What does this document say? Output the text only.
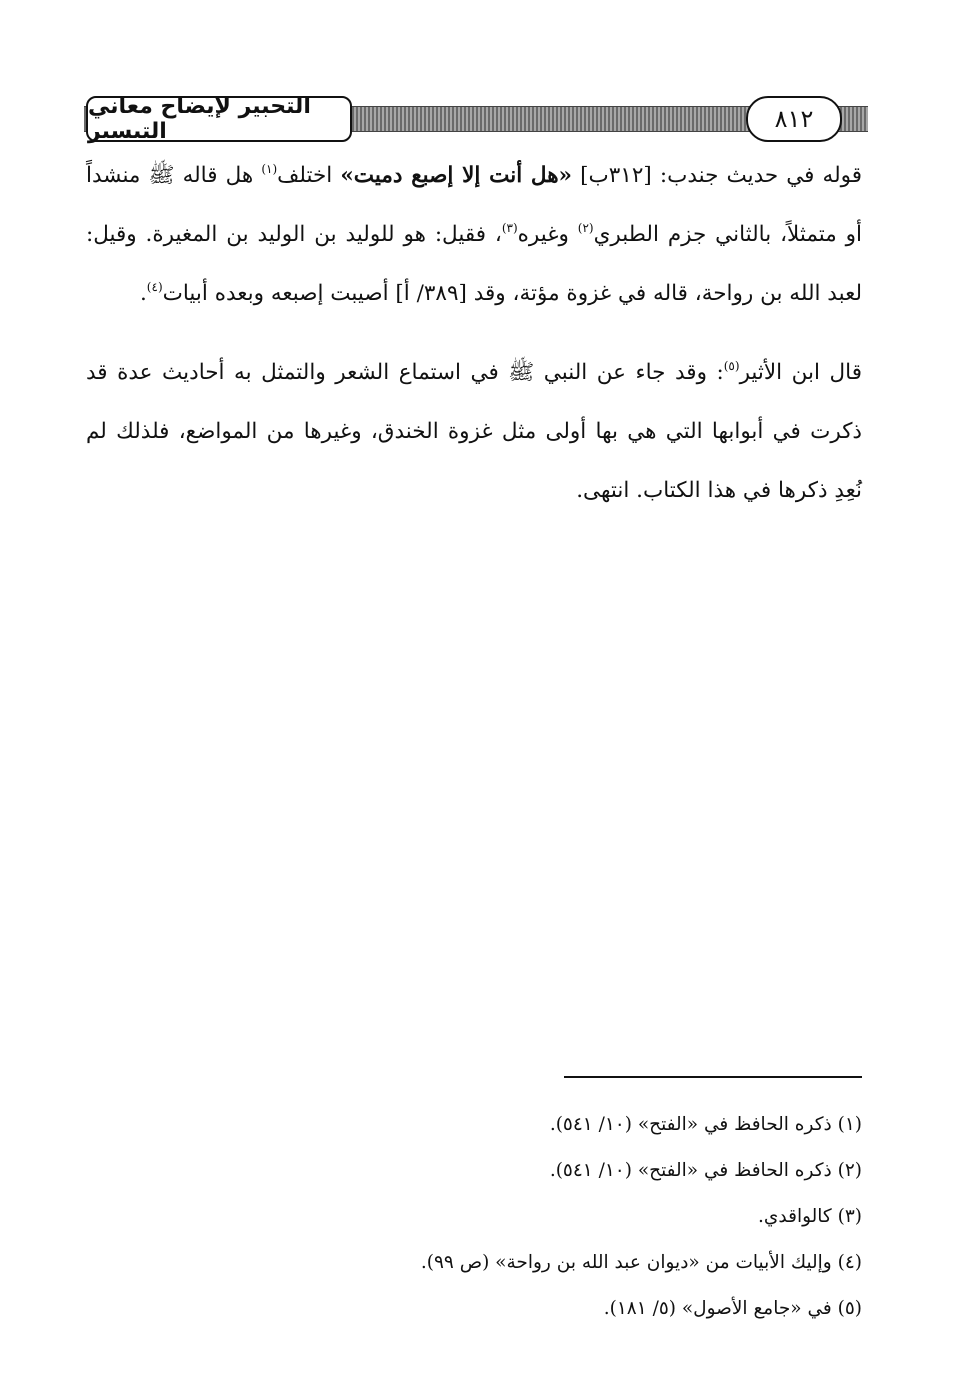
التحبير لإيضاح معاني التيسير	٨١٢

قوله في حديث جندب: [٣١٢ب] «هل أنت إلا إصبع دميت» اختلف$^{(١)}$ هل قاله ﷺ منشداً أو متمثلاً، بالثاني جزم الطبري$^{(٢)}$ وغيره$^{(٣)}$، فقيل: هو للوليد بن الوليد بن المغيرة. وقيل: لعبد الله بن رواحة، قاله في غزوة مؤتة، وقد [٣٨٩/ أ] أصيبت إصبعه وبعده أبيات$^{(٤)}$.

قال ابن الأثير$^{(٥)}$: وقد جاء عن النبي ﷺ في استماع الشعر والتمثل به أحاديث عدة قد ذكرت في أبوابها التي هي بها أولى مثل غزوة الخندق، وغيرها من المواضع، فلذلك لم نُعِدِ ذكرها في هذا الكتاب. انتهى.

(١) ذكره الحافظ في «الفتح» (١٠/ ٥٤١).

(٢) ذكره الحافظ في «الفتح» (١٠/ ٥٤١).

(٣) كالواقدي.

(٤) وإليك الأبيات من «ديوان عبد الله بن رواحة» (ص ٩٩).

(٥) في «جامع الأصول» (٥/ ١٨١).
